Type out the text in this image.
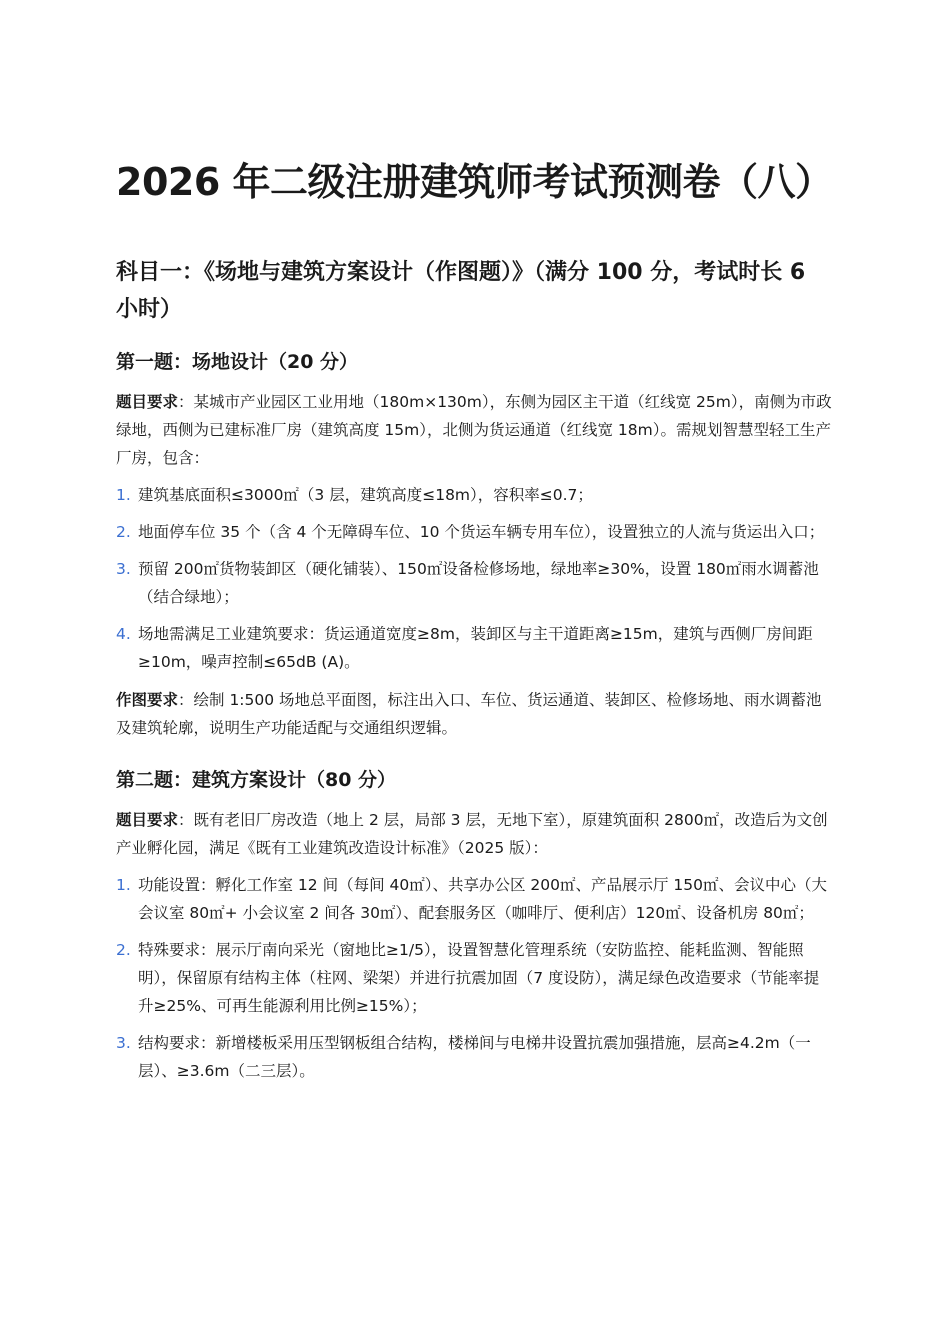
2026 年二级注册建筑师考试预测卷（八）
科目一：《场地与建筑方案设计（作图题）》（满分 100 分，考试时长 6 小时）
第一题：场地设计（20 分）

题目要求：某城市产业园区工业用地（180m×130m），东侧为园区主干道（红线宽 25m），南侧为市政绿地，西侧为已建标准厂房（建筑高度 15m），北侧为货运通道（红线宽 18m）。需规划智慧型轻工生产厂房，包含：

1. 建筑基底面积≤3000㎡（3 层，建筑高度≤18m），容积率≤0.7；
2. 地面停车位 35 个（含 4 个无障碍车位、10 个货运车辆专用车位），设置独立的人流与货运出入口；
3. 预留 200㎡货物装卸区（硬化铺装）、150㎡设备检修场地，绿地率≥30%，设置 180㎡雨水调蓄池（结合绿地）；
4. 场地需满足工业建筑要求：货运通道宽度≥8m，装卸区与主干道距离≥15m，建筑与西侧厂房间距≥10m，噪声控制≤65dB (A)。

作图要求：绘制 1:500 场地总平面图，标注出入口、车位、货运通道、装卸区、检修场地、雨水调蓄池及建筑轮廓，说明生产功能适配与交通组织逻辑。

第二题：建筑方案设计（80 分）

题目要求：既有老旧厂房改造（地上 2 层，局部 3 层，无地下室），原建筑面积 2800㎡，改造后为文创产业孵化园，满足《既有工业建筑改造设计标准》（2025 版）：

1. 功能设置：孵化工作室 12 间（每间 40㎡）、共享办公区 200㎡、产品展示厅 150㎡、会议中心（大会议室 80㎡+ 小会议室 2 间各 30㎡）、配套服务区（咖啡厅、便利店）120㎡、设备机房 80㎡；
2. 特殊要求：展示厅南向采光（窗地比≥1/5），设置智慧化管理系统（安防监控、能耗监测、智能照明），保留原有结构主体（柱网、梁架）并进行抗震加固（7 度设防），满足绿色改造要求（节能率提升≥25%、可再生能源利用比例≥15%）；
3. 结构要求：新增楼板采用压型钢板组合结构，楼梯间与电梯井设置抗震加强措施，层高≥4.2m（一层）、≥3.6m（二三层）。
